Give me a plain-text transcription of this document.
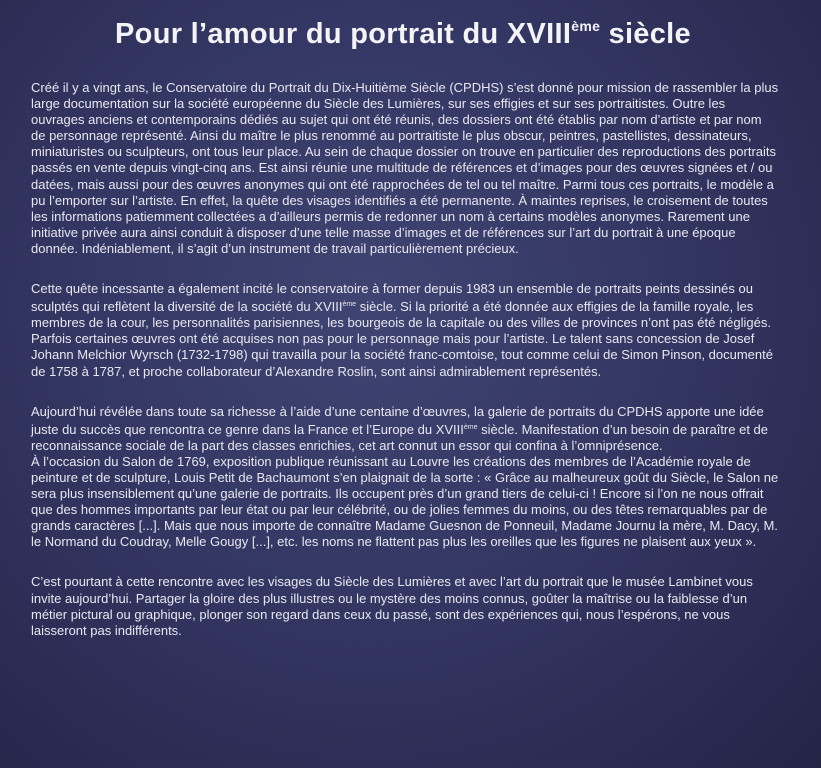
Pour l’amour du portrait du XVIIIème siècle

Créé il y a vingt ans, le Conservatoire du Portrait du Dix-Huitième Siècle (CPDHS) s’est donné pour mission de rassembler la plus large documentation sur la société européenne du Siècle des Lumières, sur ses effigies et sur ses portraitistes. Outre les ouvrages anciens et contemporains dédiés au sujet qui ont été réunis, des dossiers ont été établis par nom d’artiste et par nom de personnage représenté. Ainsi du maître le plus renommé au portraitiste le plus obscur, peintres, pastellistes, dessinateurs, miniaturistes ou sculpteurs, ont tous leur place. Au sein de chaque dossier on trouve en particulier des reproductions des portraits passés en vente depuis vingt-cinq ans. Est ainsi réunie une multitude de références et d’images pour des œuvres signées et / ou datées, mais aussi pour des œuvres anonymes qui ont été rapprochées de tel ou tel maître. Parmi tous ces portraits, le modèle a pu l’emporter sur l’artiste. En effet, la quête des visages identifiés a été permanente. À maintes reprises, le croisement de toutes les informations patiemment collectées a d’ailleurs permis de redonner un nom à certains modèles anonymes. Rarement une initiative privée aura ainsi conduit à disposer d’une telle masse d’images et de références sur l’art du portrait à une époque donnée. Indéniablement, il s’agit d’un instrument de travail particulièrement précieux.

Cette quête incessante a également incité le conservatoire à former depuis 1983 un ensemble de portraits peints dessinés ou sculptés qui reflètent la diversité de la société du XVIIIème siècle. Si la priorité a été donnée aux effigies de la famille royale, les membres de la cour, les personnalités parisiennes, les bourgeois de la capitale ou des villes de provinces n’ont pas été négligés. Parfois certaines œuvres ont été acquises non pas pour le personnage mais pour l’artiste. Le talent sans concession de Josef Johann Melchior Wyrsch (1732-1798) qui travailla pour la société franc-comtoise, tout comme celui de Simon Pinson, documenté de 1758 à 1787, et proche collaborateur d’Alexandre Roslin, sont ainsi admirablement représentés.

Aujourd’hui révélée dans toute sa richesse à l’aide d’une centaine d’œuvres, la galerie de portraits du CPDHS apporte une idée juste du succès que rencontra ce genre dans la France et l’Europe du XVIIIème siècle. Manifestation d’un besoin de paraître et de reconnaissance sociale de la part des classes enrichies, cet art connut un essor qui confina à l’omniprésence.

À l’occasion du Salon de 1769, exposition publique réunissant au Louvre les créations des membres de l’Académie royale de peinture et de sculpture, Louis Petit de Bachaumont s’en plaignait de la sorte : « Grâce au malheureux goût du Siècle, le Salon ne sera plus insensiblement qu’une galerie de portraits. Ils occupent près d’un grand tiers de celui-ci ! Encore si l’on ne nous offrait que des hommes importants par leur état ou par leur célébrité, ou de jolies femmes du moins, ou des têtes remarquables par de grands caractères [...]. Mais que nous importe de connaître Madame Guesnon de Ponneuil, Madame Journu la mère, M. Dacy, M. le Normand du Coudray, Melle Gougy [...], etc. les noms ne flattent pas plus les oreilles que les figures ne plaisent aux yeux ».

C’est pourtant à cette rencontre avec les visages du Siècle des Lumières et avec l’art du portrait que le musée Lambinet vous invite aujourd’hui. Partager la gloire des plus illustres ou le mystère des moins connus, goûter la maîtrise ou la faiblesse d’un métier pictural ou graphique, plonger son regard dans ceux du passé, sont des expériences qui, nous l’espérons, ne vous laisseront pas indifférents.
